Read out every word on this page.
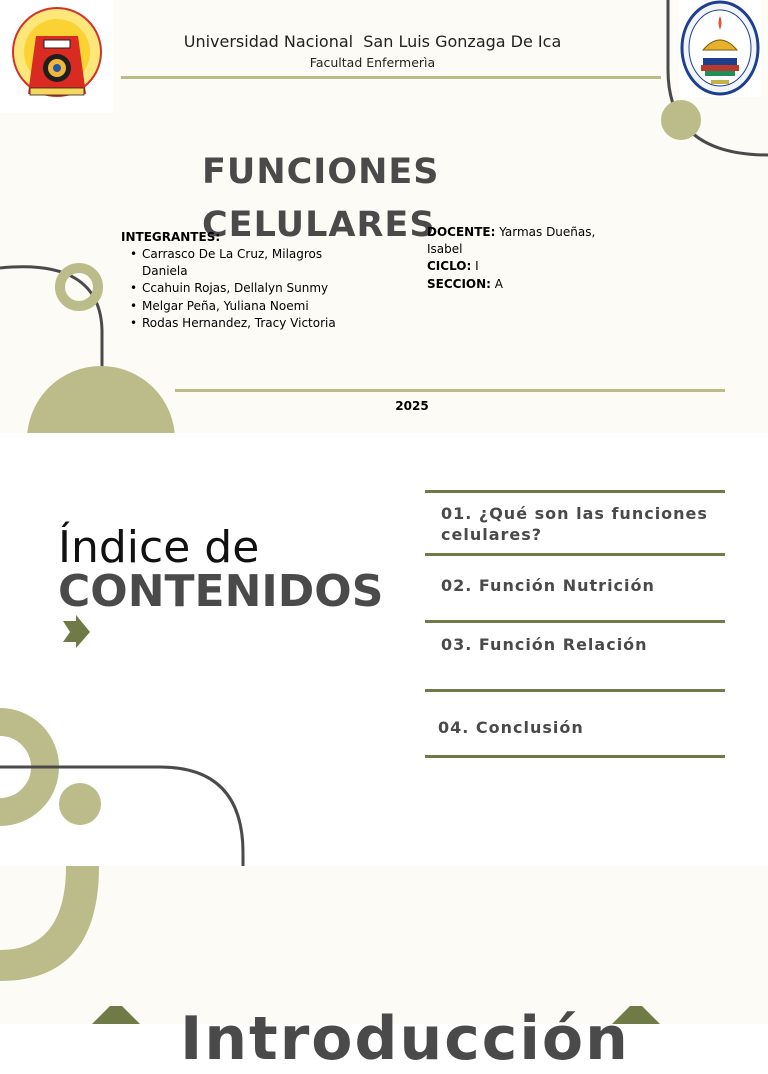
Universidad Nacional  San Luis Gonzaga De Ica
Facultad Enfermerìa
FUNCIONES
CELULARES
INTEGRANTES:
• Carrasco De La Cruz, Milagros Daniela
• Ccahuin Rojas, Dellalyn Sunmy
• Melgar Peña, Yuliana Noemi
• Rodas Hernandez, Tracy Victoria
DOCENTE: Yarmas Dueñas, Isabel
CICLO: I
SECCION: A
2025
Índice de
CONTENIDOS
01. ¿Qué son las funciones celulares?
02. Función Nutrición
03. Función Relación
04. Conclusión
Introducción
